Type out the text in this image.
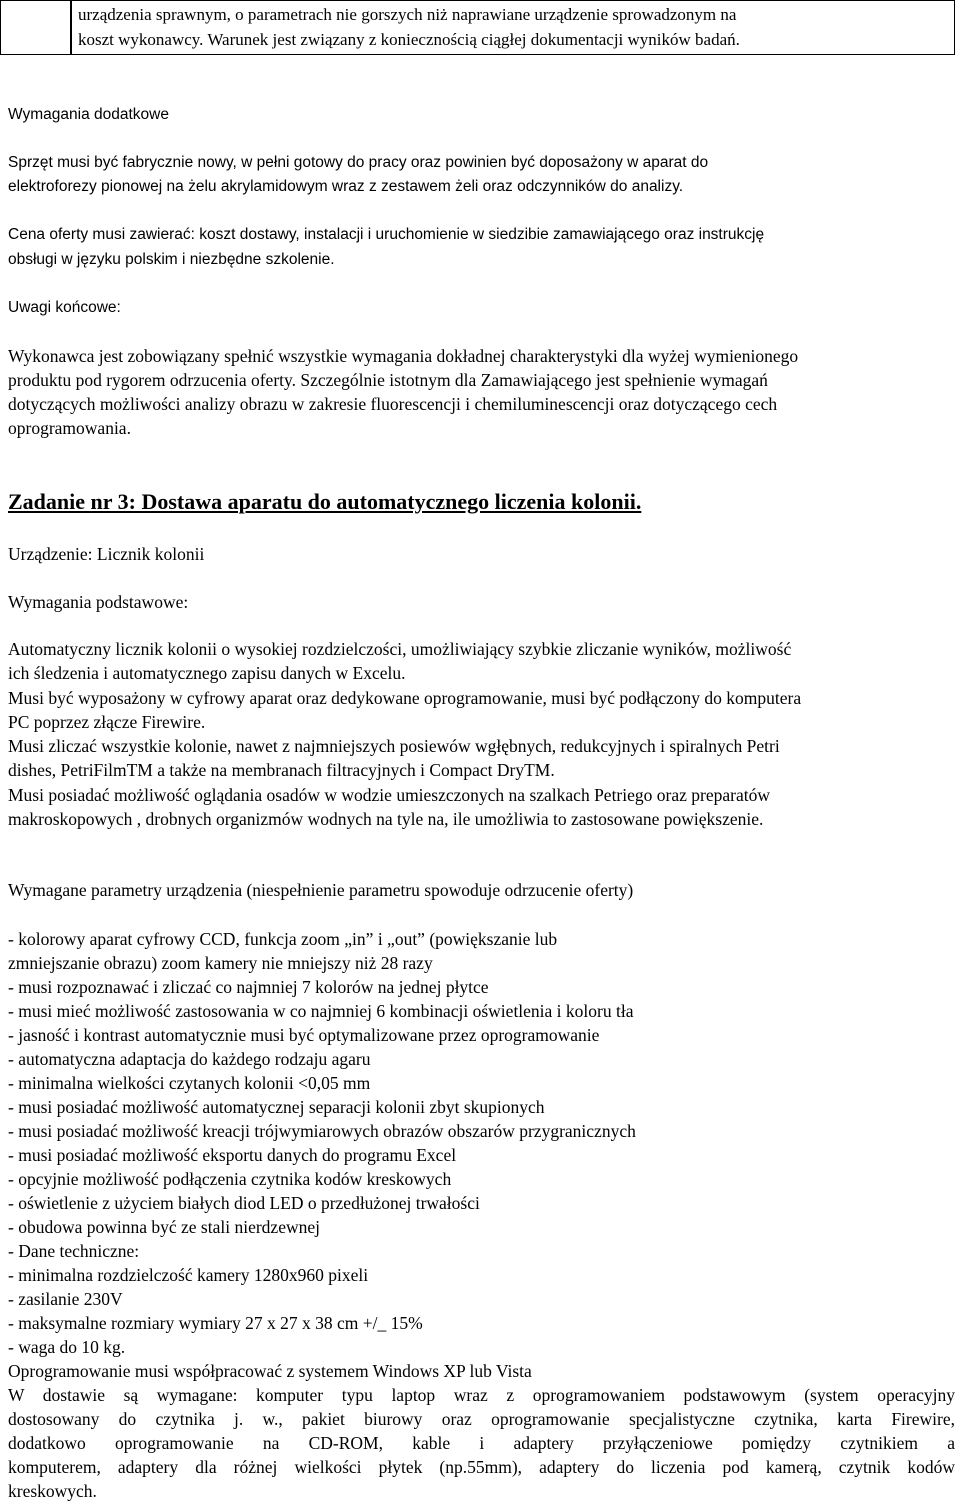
urządzenia sprawnym, o parametrach nie gorszych niż naprawiane urządzenie sprowadzonym na
koszt wykonawcy. Warunek jest związany z koniecznością ciągłej dokumentacji wyników badań.
Wymagania dodatkowe
Sprzęt musi być fabrycznie nowy, w pełni gotowy do pracy oraz powinien być doposażony w aparat do
elektroforezy pionowej na żelu akrylamidowym wraz z zestawem żeli oraz odczynników do analizy.
Cena oferty musi zawierać: koszt dostawy, instalacji i uruchomienie w siedzibie zamawiającego oraz instrukcję
obsługi w języku polskim i niezbędne szkolenie.
Uwagi końcowe:
Wykonawca jest zobowiązany spełnić wszystkie wymagania dokładnej charakterystyki dla wyżej wymienionego
produktu pod rygorem odrzucenia oferty. Szczególnie istotnym dla Zamawiającego jest spełnienie wymagań
dotyczących możliwości analizy obrazu w zakresie fluorescencji i chemiluminescencji oraz dotyczącego cech
oprogramowania.
Zadanie nr 3: Dostawa aparatu do automatycznego liczenia kolonii.
Urządzenie: Licznik kolonii
Wymagania podstawowe:
Automatyczny licznik kolonii o wysokiej rozdzielczości, umożliwiający szybkie zliczanie wyników, możliwość
ich śledzenia i automatycznego zapisu danych w Excelu.
Musi być wyposażony w cyfrowy aparat oraz dedykowane oprogramowanie, musi być podłączony do komputera
PC poprzez złącze Firewire.
Musi zliczać wszystkie kolonie, nawet z najmniejszych posiewów wgłębnych, redukcyjnych i spiralnych Petri
dishes, PetriFilmTM a także na membranach filtracyjnych i Compact DryTM.
Musi posiadać możliwość oglądania osadów w wodzie umieszczonych na szalkach Petriego oraz preparatów
makroskopowych , drobnych organizmów wodnych na tyle na, ile umożliwia to zastosowane powiększenie.
Wymagane parametry urządzenia (niespełnienie parametru spowoduje odrzucenie oferty)
- kolorowy aparat cyfrowy CCD, funkcja zoom „in” i „out” (powiększanie lub
zmniejszanie obrazu) zoom kamery nie mniejszy niż 28 razy
- musi rozpoznawać i zliczać co najmniej 7 kolorów na jednej płytce
- musi mieć możliwość zastosowania w co najmniej 6 kombinacji oświetlenia i koloru tła
- jasność i kontrast automatycznie musi być optymalizowane przez oprogramowanie
- automatyczna adaptacja do każdego rodzaju agaru
- minimalna wielkości czytanych kolonii <0,05 mm
- musi posiadać możliwość automatycznej separacji kolonii zbyt skupionych
- musi posiadać możliwość kreacji trójwymiarowych obrazów obszarów przygranicznych
- musi posiadać możliwość eksportu danych do programu Excel
- opcyjnie możliwość podłączenia czytnika kodów kreskowych
- oświetlenie z użyciem białych diod LED o przedłużonej trwałości
- obudowa powinna być ze stali nierdzewnej
- Dane techniczne:
- minimalna rozdzielczość kamery 1280x960 pixeli
- zasilanie 230V
- maksymalne rozmiary wymiary 27 x 27 x 38 cm +/_ 15%
- waga do 10 kg.
Oprogramowanie musi współpracować z systemem Windows XP lub Vista
W dostawie są wymagane: komputer typu laptop wraz z oprogramowaniem podstawowym (system operacyjny
dostosowany do czytnika j. w., pakiet biurowy oraz oprogramowanie specjalistyczne czytnika, karta Firewire,
dodatkowo oprogramowanie na CD-ROM, kable i adaptery przyłączeniowe pomiędzy czytnikiem a
komputerem, adaptery dla różnej wielkości płytek (np.55mm), adaptery do liczenia pod kamerą, czytnik kodów
kreskowych.
